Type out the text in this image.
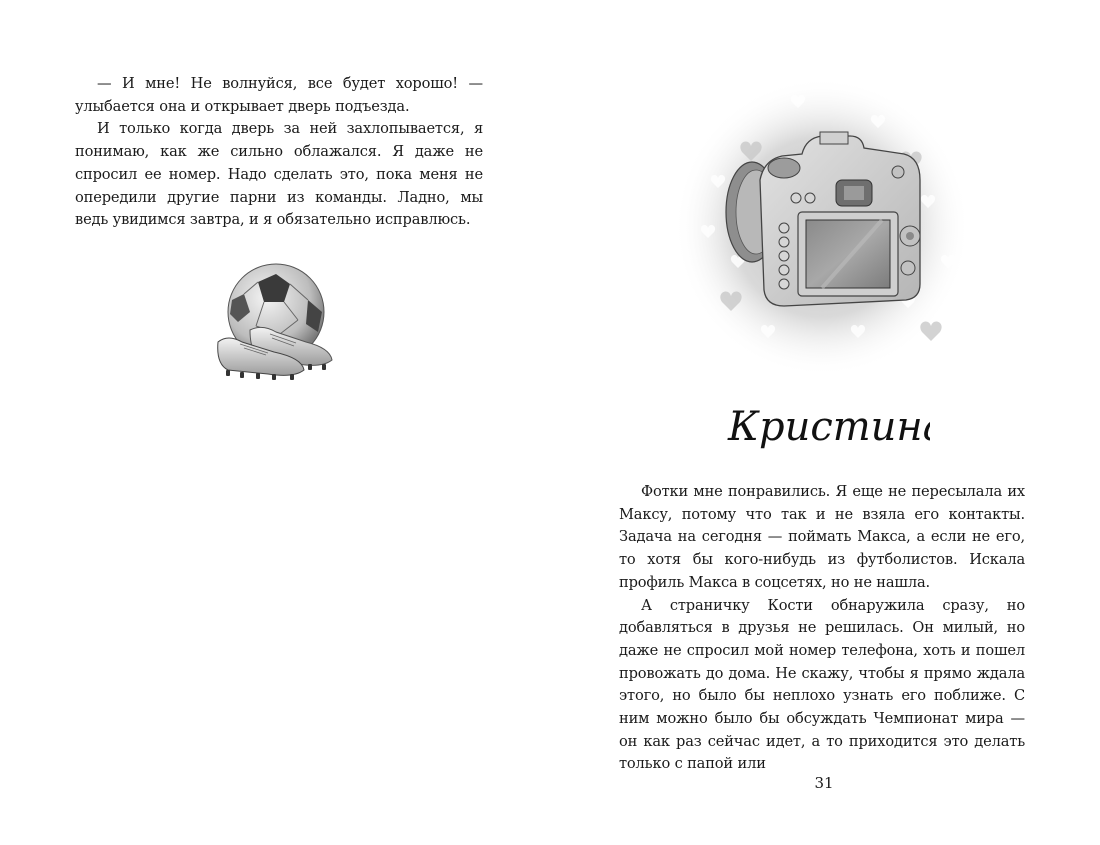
— И мне! Не волнуйся, все будет хорошо! — улыбается она и открывает дверь подъезда.

И только когда дверь за ней захлопывается, я понимаю, как же сильно облажался. Я даже не спросил ее номер. Надо сделать это, пока меня не опередили другие парни из команды. Ладно, мы ведь увидимся завтра, и я обязательно исправлюсь.

Кристина

Фотки мне понравились. Я еще не пересылала их Максу, потому что так и не взяла его контакты. Задача на сегодня — поймать Макса, а если не его, то хотя бы кого-нибудь из футболистов. Искала профиль Макса в соцсетях, но не нашла.

А страничку Кости обнаружила сразу, но добавляться в друзья не решилась. Он милый, но даже не спросил мой номер телефона, хоть и пошел провожать до дома. Не скажу, чтобы я прямо ждала этого, но было бы неплохо узнать его поближе. С ним можно было бы обсуждать Чемпионат мира — он как раз сейчас идет, а то приходится это делать только с папой или

31
